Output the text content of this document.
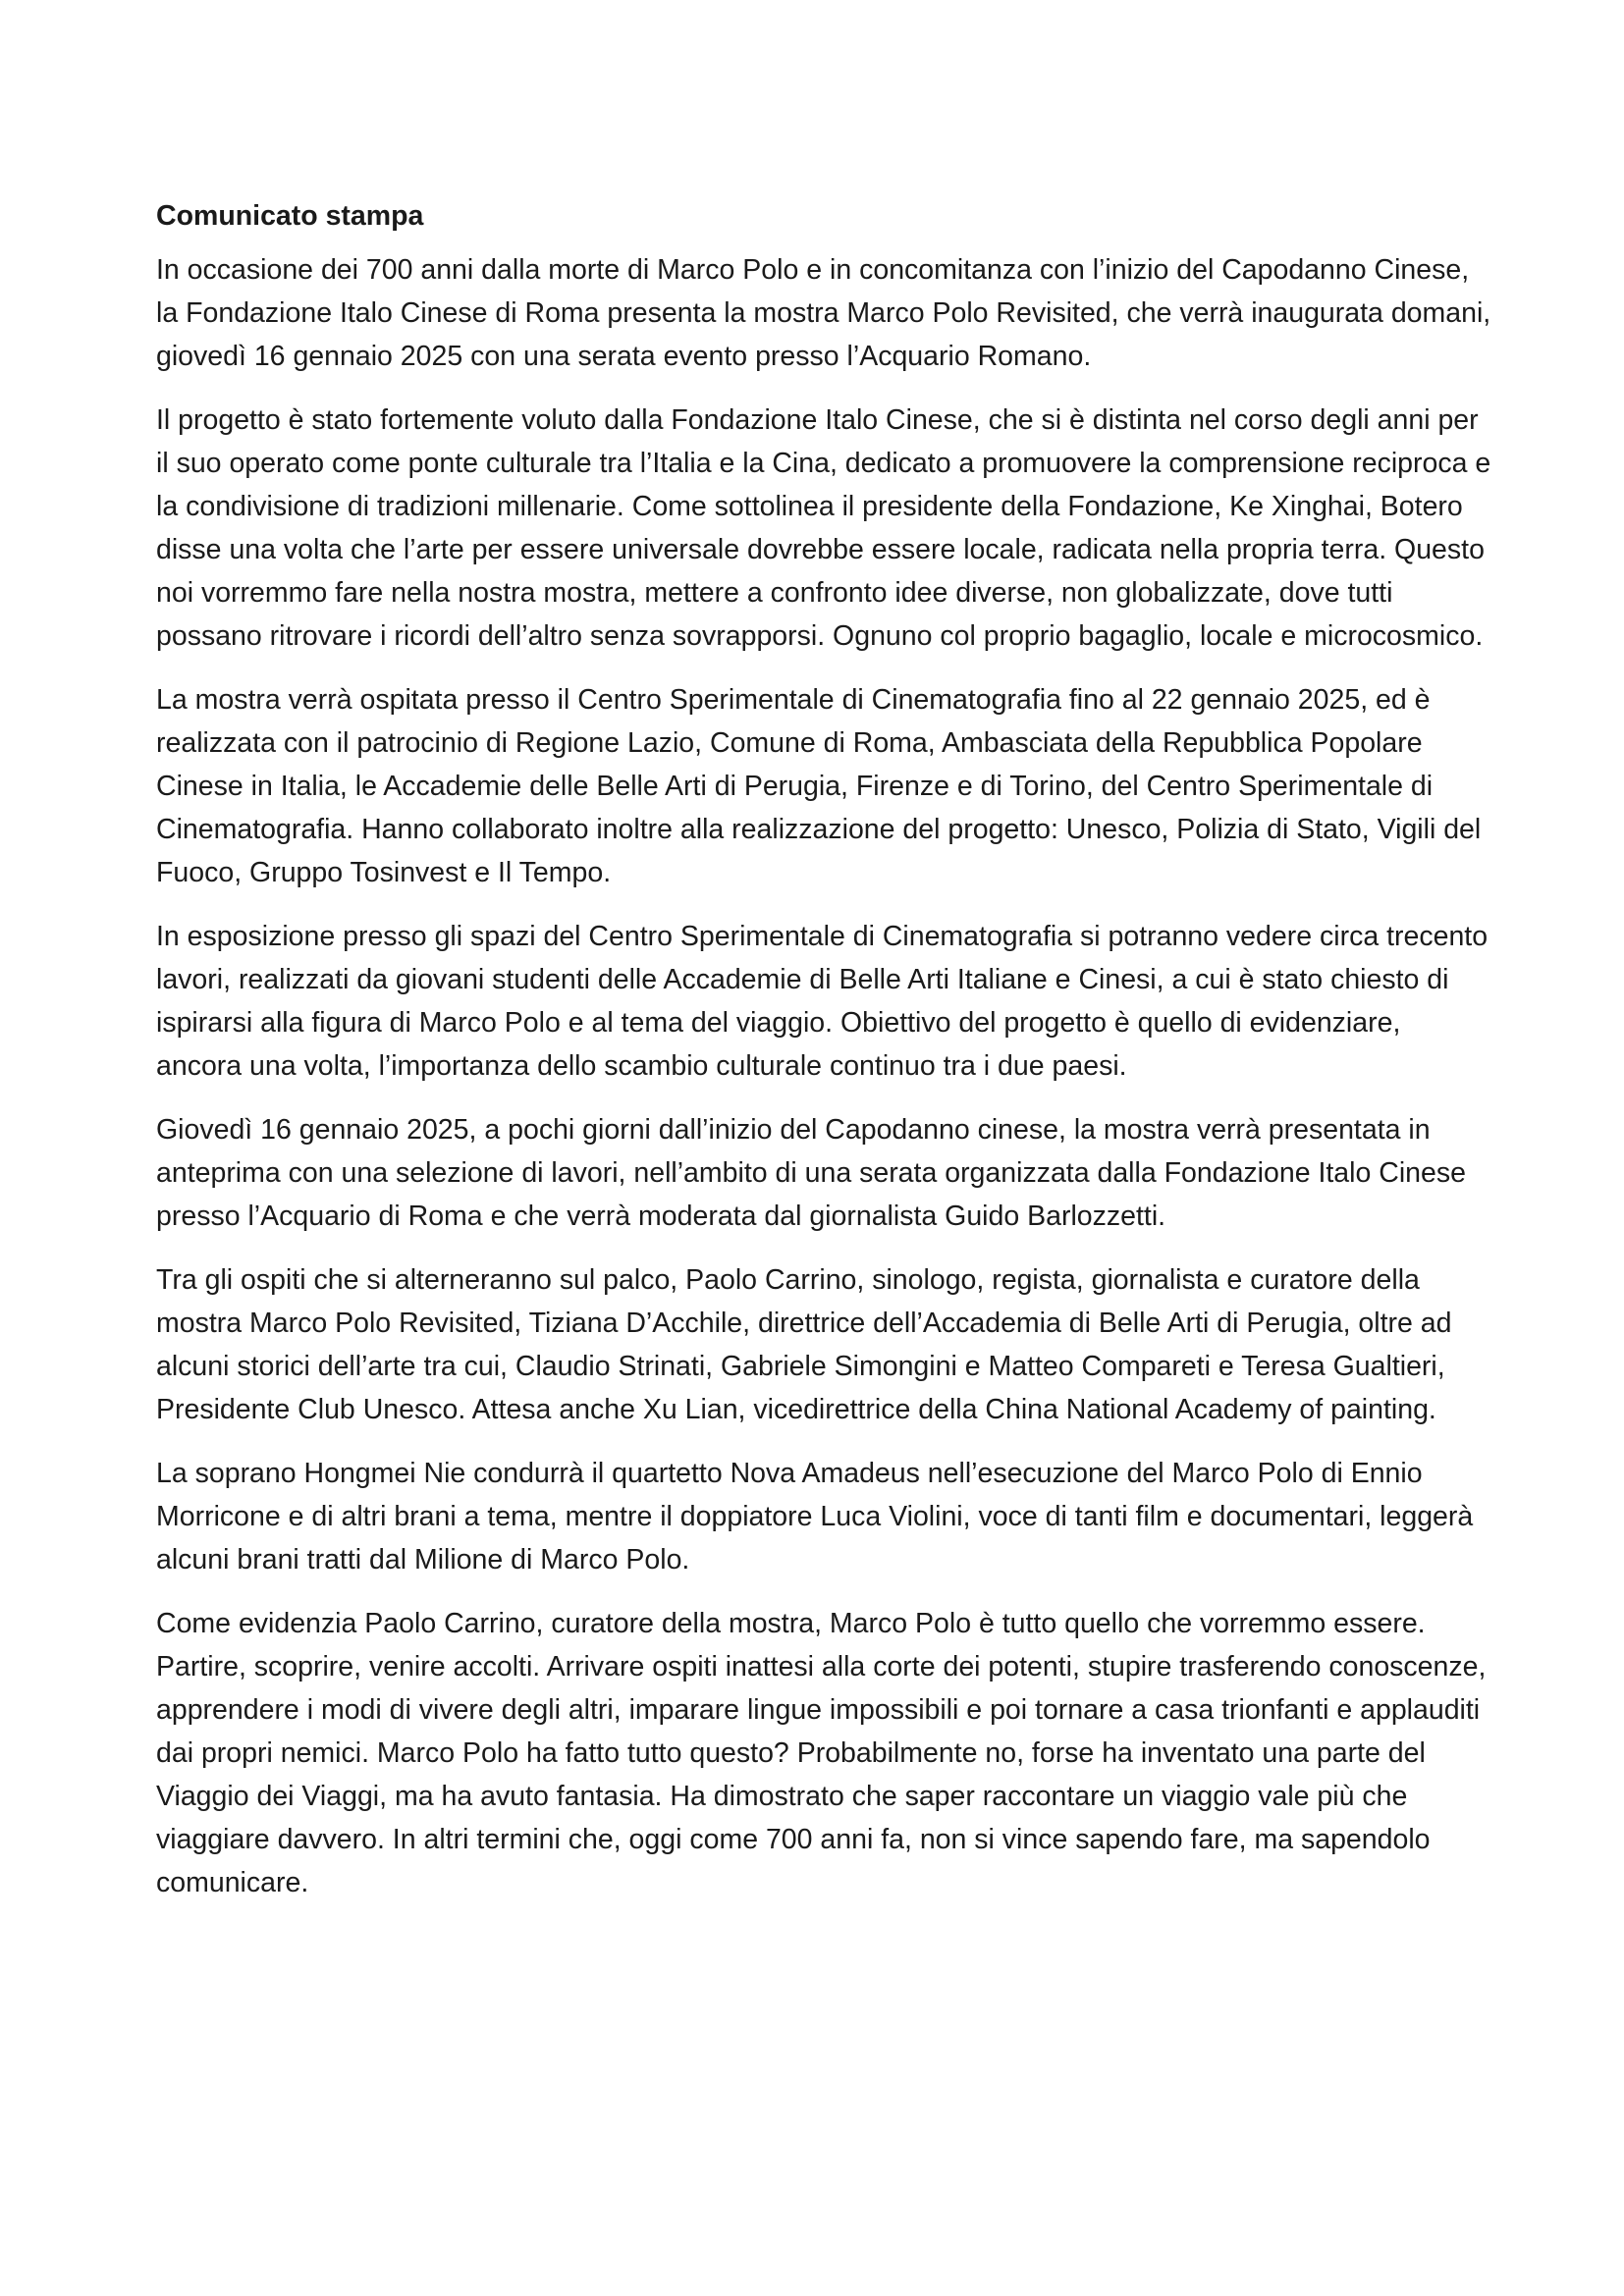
Comunicato stampa

In occasione dei 700 anni dalla morte di Marco Polo e in concomitanza con l’inizio del Capodanno Cinese, la Fondazione Italo Cinese di Roma presenta la mostra Marco Polo Revisited, che verrà inaugurata domani, giovedì 16 gennaio 2025 con una serata evento presso l’Acquario Romano.

Il progetto è stato fortemente voluto dalla Fondazione Italo Cinese, che si è distinta nel corso degli anni per il suo operato come ponte culturale tra l’Italia e la Cina, dedicato a promuovere la comprensione reciproca e la condivisione di tradizioni millenarie. Come sottolinea il presidente della Fondazione, Ke Xinghai, Botero disse una volta che l’arte per essere universale dovrebbe essere locale, radicata nella propria terra. Questo noi vorremmo fare nella nostra mostra, mettere a confronto idee diverse, non globalizzate, dove tutti possano ritrovare i ricordi dell’altro senza sovrapporsi. Ognuno col proprio bagaglio, locale e microcosmico.

La mostra verrà ospitata presso il Centro Sperimentale di Cinematografia fino al 22 gennaio 2025, ed è realizzata con il patrocinio di Regione Lazio, Comune di Roma, Ambasciata della Repubblica Popolare Cinese in Italia, le Accademie delle Belle Arti di Perugia, Firenze e di Torino, del Centro Sperimentale di Cinematografia. Hanno collaborato inoltre alla realizzazione del progetto: Unesco, Polizia di Stato, Vigili del Fuoco, Gruppo Tosinvest e Il Tempo.

In esposizione presso gli spazi del Centro Sperimentale di Cinematografia si potranno vedere circa trecento lavori, realizzati da giovani studenti delle Accademie di Belle Arti Italiane e Cinesi, a cui è stato chiesto di ispirarsi alla figura di Marco Polo e al tema del viaggio. Obiettivo del progetto è quello di evidenziare, ancora una volta, l’importanza dello scambio culturale continuo tra i due paesi.

Giovedì 16 gennaio 2025, a pochi giorni dall’inizio del Capodanno cinese, la mostra verrà presentata in anteprima con una selezione di lavori, nell’ambito di una serata organizzata dalla Fondazione Italo Cinese presso l’Acquario di Roma e che verrà moderata dal giornalista Guido Barlozzetti.

Tra gli ospiti che si alterneranno sul palco, Paolo Carrino, sinologo, regista, giornalista e curatore della mostra Marco Polo Revisited, Tiziana D’Acchile, direttrice dell’Accademia di Belle Arti di Perugia, oltre ad alcuni storici dell’arte tra cui, Claudio Strinati, Gabriele Simongini e Matteo Compareti e Teresa Gualtieri, Presidente Club Unesco. Attesa anche Xu Lian, vicedirettrice della China National Academy of painting.

La soprano Hongmei Nie condurrà il quartetto Nova Amadeus nell’esecuzione del Marco Polo di Ennio Morricone e di altri brani a tema, mentre il doppiatore Luca Violini, voce di tanti film e documentari, leggerà alcuni brani tratti dal Milione di Marco Polo.

Come evidenzia Paolo Carrino, curatore della mostra, Marco Polo è tutto quello che vorremmo essere. Partire, scoprire, venire accolti. Arrivare ospiti inattesi alla corte dei potenti, stupire trasferendo conoscenze, apprendere i modi di vivere degli altri, imparare lingue impossibili e poi tornare a casa trionfanti e applauditi dai propri nemici. Marco Polo ha fatto tutto questo? Probabilmente no, forse ha inventato una parte del Viaggio dei Viaggi, ma ha avuto fantasia. Ha dimostrato che saper raccontare un viaggio vale più che viaggiare davvero. In altri termini che, oggi come 700 anni fa, non si vince sapendo fare, ma sapendolo comunicare.
